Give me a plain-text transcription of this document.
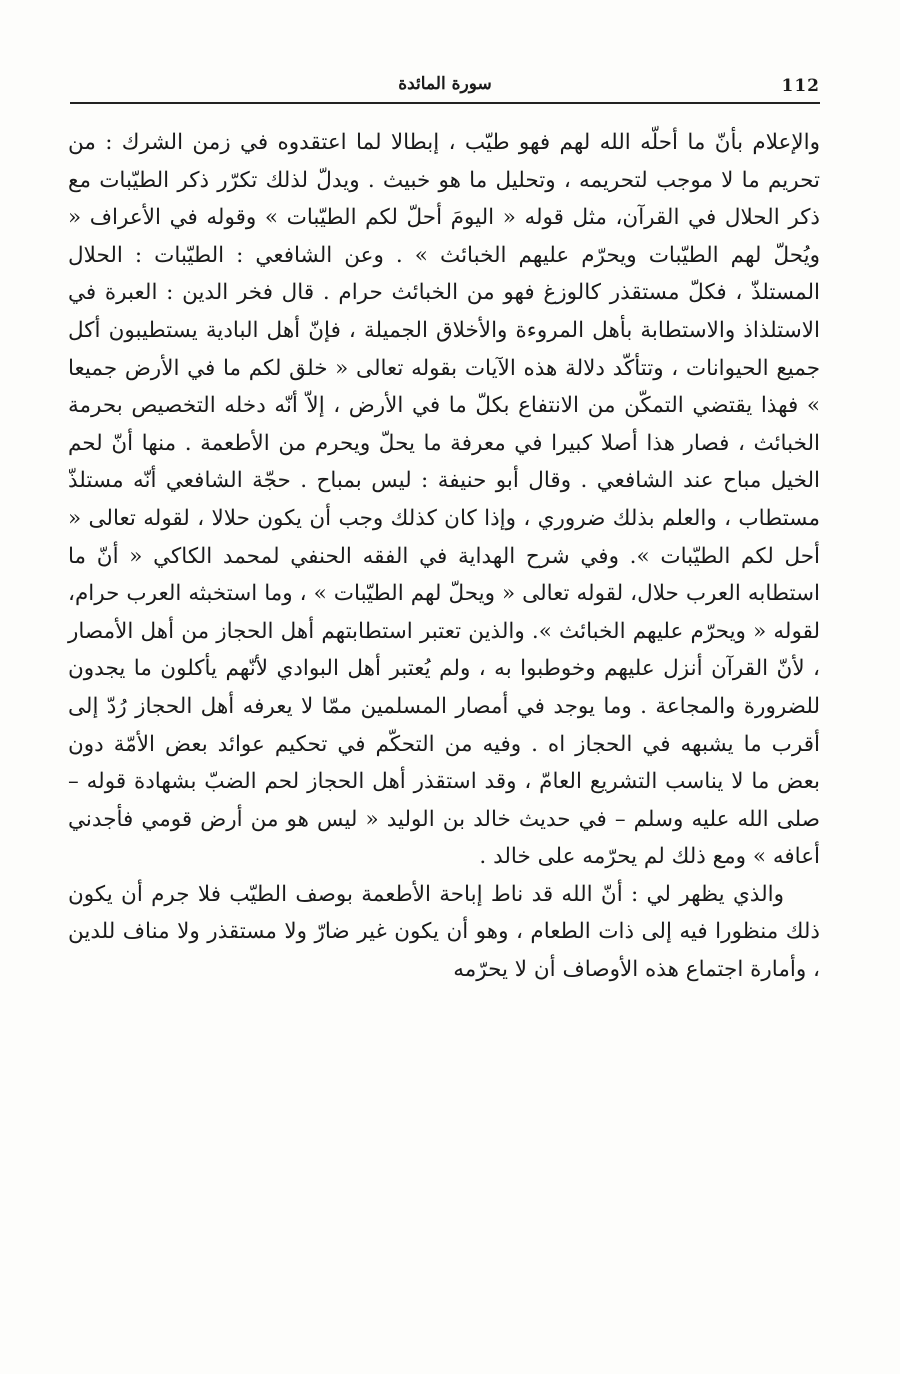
112
سورة المائدة

والإعلام بأنّ ما أحلّه الله لهم فهو طيّب ، إبطالا لما اعتقدوه في زمن الشرك : من تحريم ما لا موجب لتحريمه ، وتحليل ما هو خبيث . ويدلّ لذلك تكرّر ذكر الطيّبات مع ذكر الحلال في القرآن، مثل قوله « اليومَ أحلّ لكم الطيّبات » وقوله في الأعراف « ويُحلّ لهم الطيّبات ويحرّم عليهم الخبائث » . وعن الشافعي : الطيّبات : الحلال المستلذّ ، فكلّ مستقذر كالوزغ فهو من الخبائث حرام . قال فخر الدين : العبرة في الاستلذاذ والاستطابة بأهل المروءة والأخلاق الجميلة ، فإنّ أهل البادية يستطيبون أكل جميع الحيوانات ، وتتأكّد دلالة هذه الآيات بقوله تعالى « خلق لكم ما في الأرض جميعا » فهذا يقتضي التمكّن من الانتفاع بكلّ ما في الأرض ، إلاّ أنّه دخله التخصيص بحرمة الخبائث ، فصار هذا أصلا كبيرا في معرفة ما يحلّ ويحرم من الأطعمة . منها أنّ لحم الخيل مباح عند الشافعي . وقال أبو حنيفة : ليس بمباح . حجّة الشافعي أنّه مستلذّ مستطاب ، والعلم بذلك ضروري ، وإذا كان كذلك وجب أن يكون حلالا ، لقوله تعالى « أحل لكم الطيّبات ». وفي شرح الهداية في الفقه الحنفي لمحمد الكاكي « أنّ ما استطابه العرب حلال، لقوله تعالى « ويحلّ لهم الطيّبات » ، وما استخبثه العرب حرام، لقوله « ويحرّم عليهم الخبائث ». والذين تعتبر استطابتهم أهل الحجاز من أهل الأمصار ، لأنّ القرآن أنزل عليهم وخوطبوا به ، ولم يُعتبر أهل البوادي لأنّهم يأكلون ما يجدون للضرورة والمجاعة . وما يوجد في أمصار المسلمين ممّا لا يعرفه أهل الحجاز رُدّ إلى أقرب ما يشبهه في الحجاز اه . وفيه من التحكّم في تحكيم عوائد بعض الأمّة دون بعض ما لا يناسب التشريع العامّ ، وقد استقذر أهل الحجاز لحم الضبّ بشهادة قوله – صلى الله عليه وسلم – في حديث خالد بن الوليد « ليس هو من أرض قومي فأجدني أعافه » ومع ذلك لم يحرّمه على خالد .

والذي يظهر لي : أنّ الله قد ناط إباحة الأطعمة بوصف الطيّب فلا جرم أن يكون ذلك منظورا فيه إلى ذات الطعام ، وهو أن يكون غير ضارّ ولا مستقذر ولا مناف للدين ، وأمارة اجتماع هذه الأوصاف أن لا يحرّمه
